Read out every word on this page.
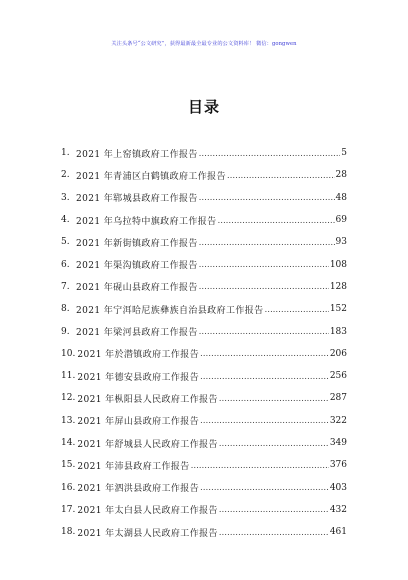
关注头条号“公文研究”，获得最新最全最专业的公文资料库！ 微信：gongwen​
目录
1. 2021 年上窑镇政府工作报告 .....	5
2. 2021 年青浦区白鹤镇政府工作报告 .....	28
3. 2021 年郓城县政府工作报告 .....	48
4. 2021 年乌拉特中旗政府工作报告 .....	69
5. 2021 年新街镇政府工作报告 .....	93
6. 2021 年渠沟镇政府工作报告 .....	108
7. 2021 年砚山县政府工作报告 .....	128
8. 2021 年宁洱哈尼族彝族自治县政府工作报告 .....	152
9. 2021 年梁河县政府工作报告 .....	183
10. 2021 年於潜镇政府工作报告 .....	206
11. 2021 年德安县政府工作报告 .....	256
12. 2021 年枞阳县人民政府工作报告 .....	287
13. 2021 年屏山县政府工作报告 .....	322
14. 2021 年舒城县人民政府工作报告 .....	349
15. 2021 年沛县政府工作报告 .....	376
16. 2021 年泗洪县政府工作报告 .....	403
17. 2021 年太白县人民政府工作报告 .....	432
18. 2021 年太湖县人民政府工作报告 .....	461
